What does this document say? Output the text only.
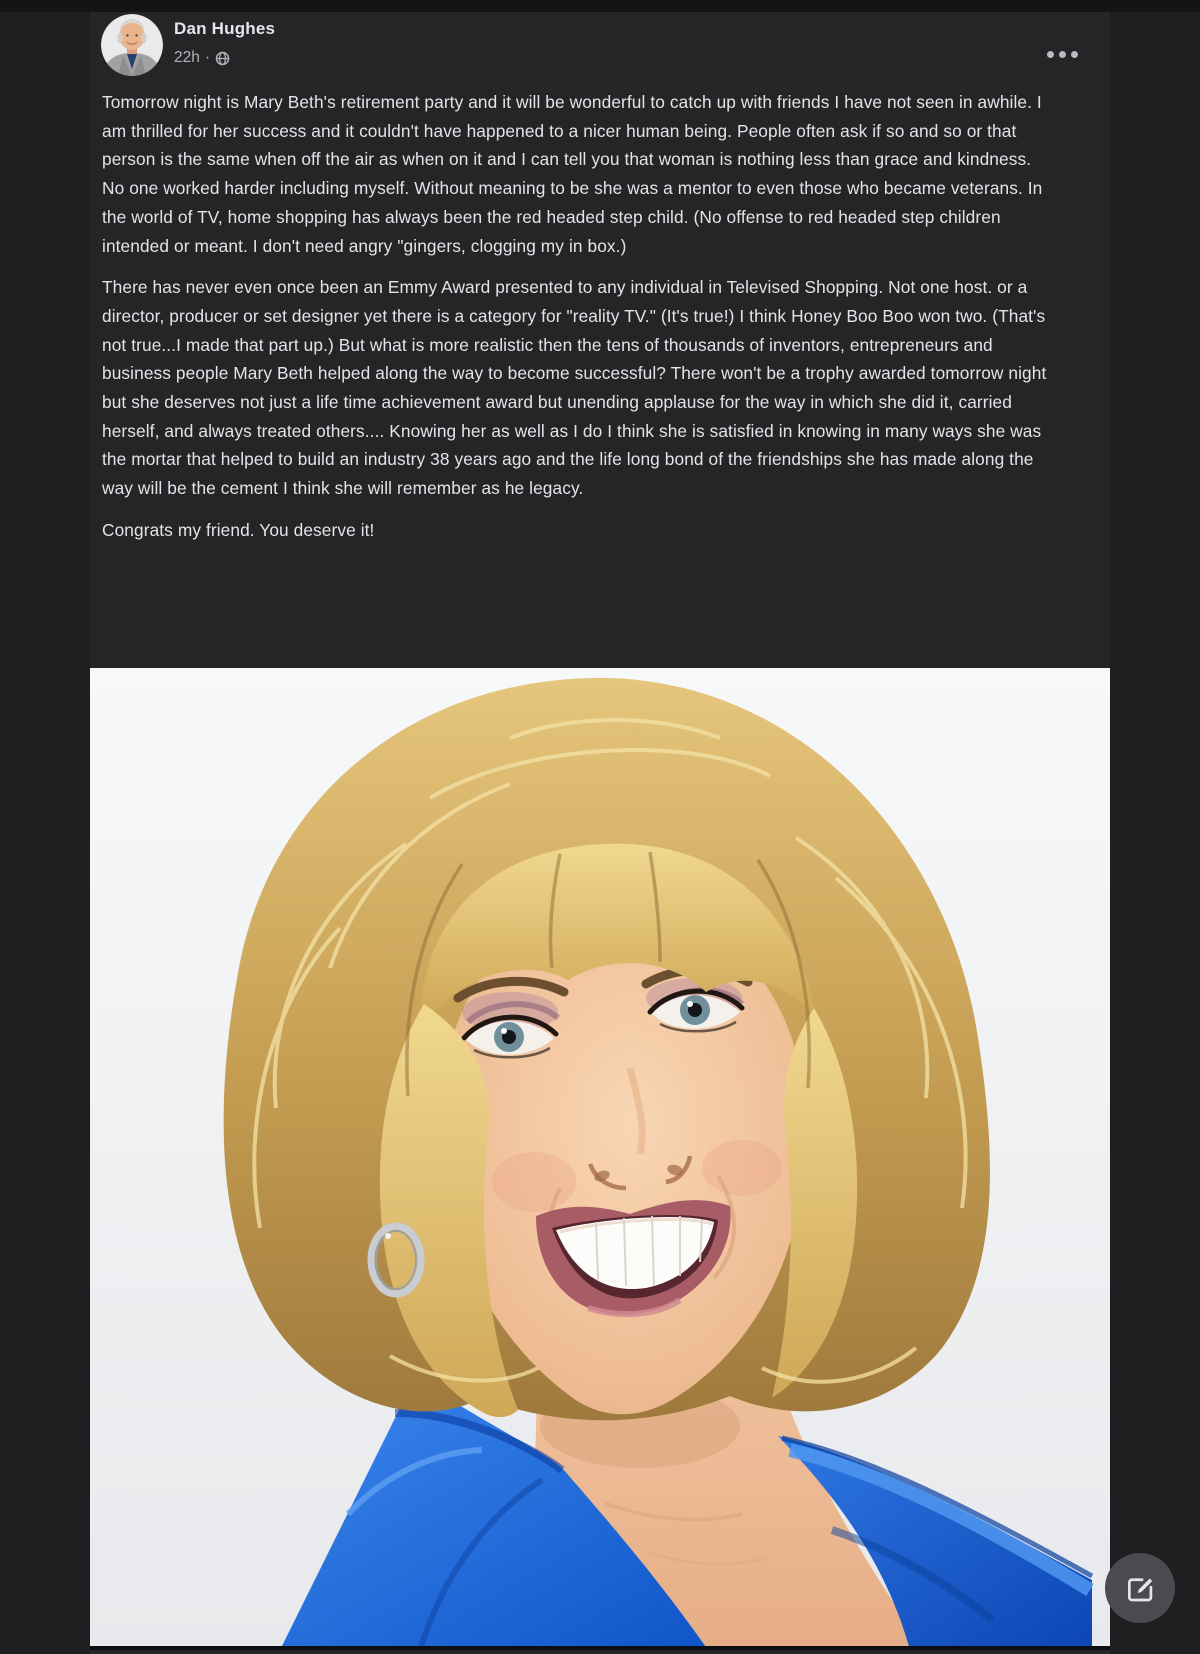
Dan Hughes
22h ·

Tomorrow night is Mary Beth's retirement party and it will be wonderful to catch up with friends I have not seen in awhile. I am thrilled for her success and it couldn't have happened to a nicer human being. People often ask if so and so or that person is the same when off the air as when on it and I can tell you that woman is nothing less than grace and kindness. No one worked harder including myself. Without meaning to be she was a mentor to even those who became veterans. In the world of TV, home shopping has always been the red headed step child. (No offense to red headed step children intended or meant. I don't need angry "gingers, clogging my in box.)

There has never even once been an Emmy Award presented to any individual in Televised Shopping. Not one host. or a director, producer or set designer yet there is a category for "reality TV." (It's true!) I think Honey Boo Boo won two. (That's not true...I made that part up.) But what is more realistic then the tens of thousands of inventors, entrepreneurs and business people Mary Beth helped along the way to become successful? There won't be a trophy awarded tomorrow night but she deserves not just a life time achievement award but unending applause for the way in which she did it, carried herself, and always treated others.... Knowing her as well as I do I think she is satisfied in knowing in many ways she was the mortar that helped to build an industry 38 years ago and the life long bond of the friendships she has made along the way will be the cement I think she will remember as he legacy.

Congrats my friend. You deserve it!
